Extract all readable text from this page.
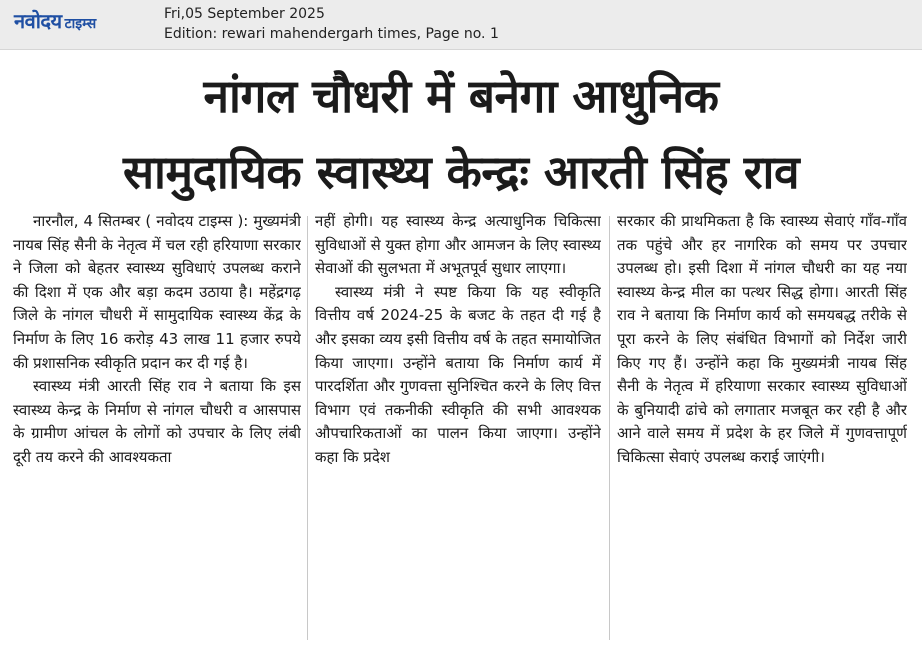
नवोदय टाइम्स
Fri,05 September 2025
Edition: rewari mahendergarh times, Page no. 1
नांगल चौधरी में बनेगा आधुनिक
सामुदायिक स्वास्थ्य केन्द्रः आरती सिंह राव

नारनौल, 4 सितम्बर ( नवोदय टाइम्स ): मुख्यमंत्री नायब सिंह सैनी के नेतृत्व में चल रही हरियाणा सरकार ने जिला को बेहतर स्वास्थ्य सुविधाएं उपलब्ध कराने की दिशा में एक और बड़ा कदम उठाया है। महेंद्रगढ़ जिले के नांगल चौधरी में सामुदायिक स्वास्थ्य केंद्र के निर्माण के लिए 16 करोड़ 43 लाख 11 हजार रुपये की प्रशासनिक स्वीकृति प्रदान कर दी गई है।

स्वास्थ्य मंत्री आरती सिंह राव ने बताया कि इस स्वास्थ्य केन्द्र के निर्माण से नांगल चौधरी व आसपास के ग्रामीण आंचल के लोगों को उपचार के लिए लंबी दूरी तय करने की आवश्यकता

नहीं होगी। यह स्वास्थ्य केन्द्र अत्याधुनिक चिकित्सा सुविधाओं से युक्त होगा और आमजन के लिए स्वास्थ्य सेवाओं की सुलभता में अभूतपूर्व सुधार लाएगा।

स्वास्थ्य मंत्री ने स्पष्ट किया कि यह स्वीकृति वित्तीय वर्ष 2024-25 के बजट के तहत दी गई है और इसका व्यय इसी वित्तीय वर्ष के तहत समायोजित किया जाएगा। उन्होंने बताया कि निर्माण कार्य में पारदर्शिता और गुणवत्ता सुनिश्चित करने के लिए वित्त विभाग एवं तकनीकी स्वीकृति की सभी आवश्यक औपचारिकताओं का पालन किया जाएगा। उन्होंने कहा कि प्रदेश

सरकार की प्राथमिकता है कि स्वास्थ्य सेवाएं गाँव-गाँव तक पहुंचे और हर नागरिक को समय पर उपचार उपलब्ध हो। इसी दिशा में नांगल चौधरी का यह नया स्वास्थ्य केन्द्र मील का पत्थर सिद्ध होगा। आरती सिंह राव ने बताया कि निर्माण कार्य को समयबद्ध तरीके से पूरा करने के लिए संबंधित विभागों को निर्देश जारी किए गए हैं। उन्होंने कहा कि मुख्यमंत्री नायब सिंह सैनी के नेतृत्व में हरियाणा सरकार स्वास्थ्य सुविधाओं के बुनियादी ढांचे को लगातार मजबूत कर रही है और आने वाले समय में प्रदेश के हर जिले में गुणवत्तापूर्ण चिकित्सा सेवाएं उपलब्ध कराई जाएंगी।
